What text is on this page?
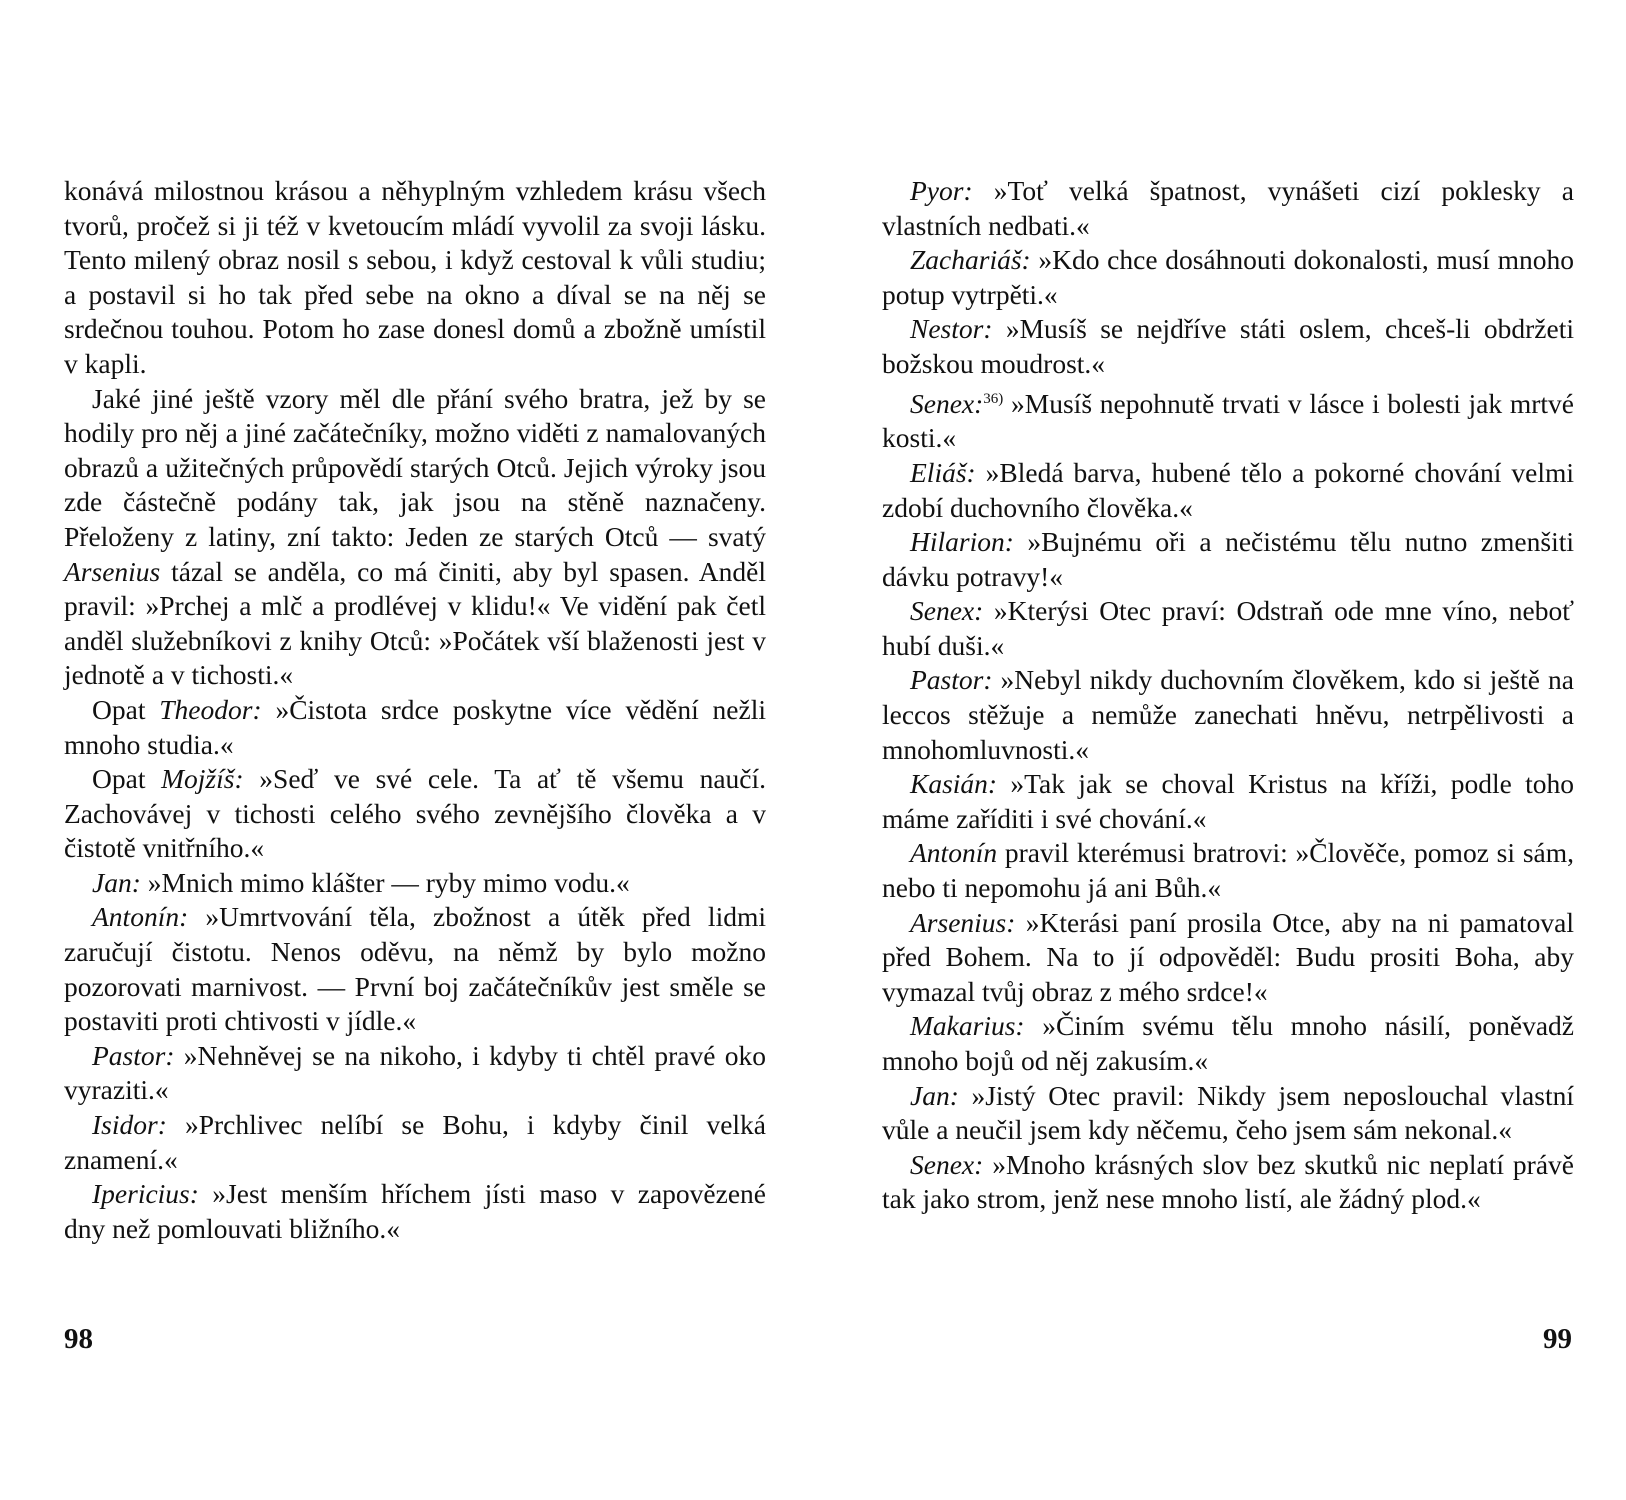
konává milostnou krásou a něhyplným vzhledem krásu všech tvorů, pročež si ji též v kvetoucím mládí vyvolil za svoji lásku. Tento milený obraz nosil s sebou, i když cestoval k vůli studiu; a postavil si ho tak před sebe na okno a díval se na něj se srdečnou touhou. Potom ho zase donesl domů a zbožně umístil v kapli.

Jaké jiné ještě vzory měl dle přání svého bratra, jež by se hodily pro něj a jiné začátečníky, možno viděti z namalovaných obrazů a užitečných průpovědí starých Otců. Jejich výroky jsou zde částečně podány tak, jak jsou na stěně naznačeny. Přeloženy z latiny, zní takto: Jeden ze starých Otců — svatý Arsenius tázal se anděla, co má činiti, aby byl spasen. Anděl pravil: »Prchej a mlč a prodlévej v klidu!« Ve vidění pak četl anděl služebníkovi z knihy Otců: »Počátek vší blaženosti jest v jednotě a v tichosti.«

Opat Theodor: »Čistota srdce poskytne více vědění nežli mnoho studia.«

Opat Mojžíš: »Seď ve své cele. Ta ať tě všemu naučí. Zachovávej v tichosti celého svého zevnějšího člověka a v čistotě vnitřního.«

Jan: »Mnich mimo klášter — ryby mimo vodu.«

Antonín: »Umrtvování těla, zbožnost a útěk před lidmi zaručují čistotu. Nenos oděvu, na němž by bylo možno pozorovati marnivost. — První boj začátečníkův jest směle se postaviti proti chtivosti v jídle.«

Pastor: »Nehněvej se na nikoho, i kdyby ti chtěl pravé oko vyraziti.«

Isidor: »Prchlivec nelíbí se Bohu, i kdyby činil velká znamení.«

Ipericius: »Jest menším hříchem jísti maso v zapovězené dny než pomlouvati bližního.«

Pyor: »Toť velká špatnost, vynášeti cizí poklesky a vlastních nedbati.«

Zachariáš: »Kdo chce dosáhnouti dokonalosti, musí mnoho potup vytrpěti.«

Nestor: »Musíš se nejdříve státi oslem, chceš-li obdržeti božskou moudrost.«

Senex:$^{36)}$ »Musíš nepohnutě trvati v lásce i bolesti jak mrtvé kosti.«

Eliáš: »Bledá barva, hubené tělo a pokorné chování velmi zdobí duchovního člověka.«

Hilarion: »Bujnému oři a nečistému tělu nutno zmenšiti dávku potravy!«

Senex: »Kterýsi Otec praví: Odstraň ode mne víno, neboť hubí duši.«

Pastor: »Nebyl nikdy duchovním člověkem, kdo si ještě na leccos stěžuje a nemůže zanechati hněvu, netrpělivosti a mnohomluvnosti.«

Kasián: »Tak jak se choval Kristus na kříži, podle toho máme zaříditi i své chování.«

Antonín pravil kterémusi bratrovi: »Člověče, pomoz si sám, nebo ti nepomohu já ani Bůh.«

Arsenius: »Kterási paní prosila Otce, aby na ni pamatoval před Bohem. Na to jí odpověděl: Budu prositi Boha, aby vymazal tvůj obraz z mého srdce!«

Makarius: »Činím svému tělu mnoho násilí, poněvadž mnoho bojů od něj zakusím.«

Jan: »Jistý Otec pravil: Nikdy jsem neposlouchal vlastní vůle a neučil jsem kdy něčemu, čeho jsem sám nekonal.«

Senex: »Mnoho krásných slov bez skutků nic neplatí právě tak jako strom, jenž nese mnoho listí, ale žádný plod.«

98	99
